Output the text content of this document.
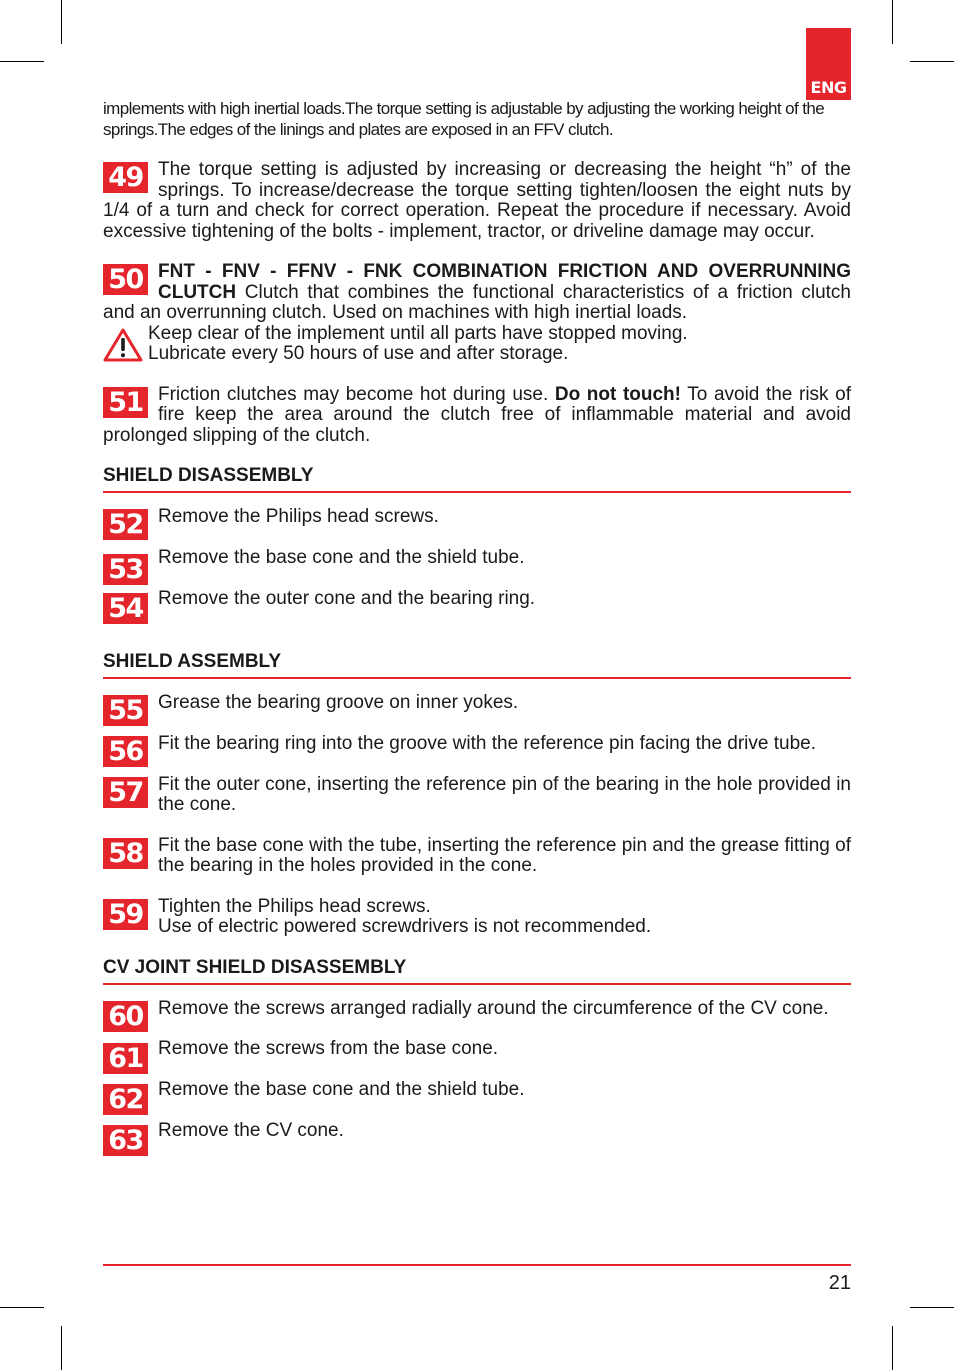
ENG

implements with high inertial loads.The torque setting is adjustable by adjusting the working height of the springs.The edges of the linings and plates are exposed in an FFV clutch.

49 The torque setting is adjusted by increasing or decreasing the height “h” of the springs. To increase/decrease the torque setting tighten/loosen the eight nuts by 1/4 of a turn and check for correct operation. Repeat the procedure if necessary. Avoid excessive tightening of the bolts - implement, tractor, or driveline damage may occur.
50 FNT - FNV - FFNV - FNK COMBINATION FRICTION AND OVERRUNNING CLUTCH Clutch that combines the functional characteristics of a friction clutch and an overrunning clutch. Used on machines with high inertial loads.
Keep clear of the implement until all parts have stopped moving.
Lubricate every 50 hours of use and after storage.
51 Friction clutches may become hot during use. Do not touch! To avoid the risk of fire keep the area around the clutch free of inflammable material and avoid prolonged slipping of the clutch.
SHIELD DISASSEMBLY
52 Remove the Philips head screws.
53 Remove the base cone and the shield tube.
54 Remove the outer cone and the bearing ring.
SHIELD ASSEMBLY
55 Grease the bearing groove on inner yokes.
56 Fit the bearing ring into the groove with the reference pin facing the drive tube.
57 Fit the outer cone, inserting the reference pin of the bearing in the hole provided in the cone.
58 Fit the base cone with the tube, inserting the reference pin and the grease fitting of the bearing in the holes provided in the cone.
59 Tighten the Philips head screws.
Use of electric powered screwdrivers is not recommended.
CV JOINT SHIELD DISASSEMBLY
60 Remove the screws arranged radially around the circumference of the CV cone.
61 Remove the screws from the base cone.
62 Remove the base cone and the shield tube.
63 Remove the CV cone.
21
